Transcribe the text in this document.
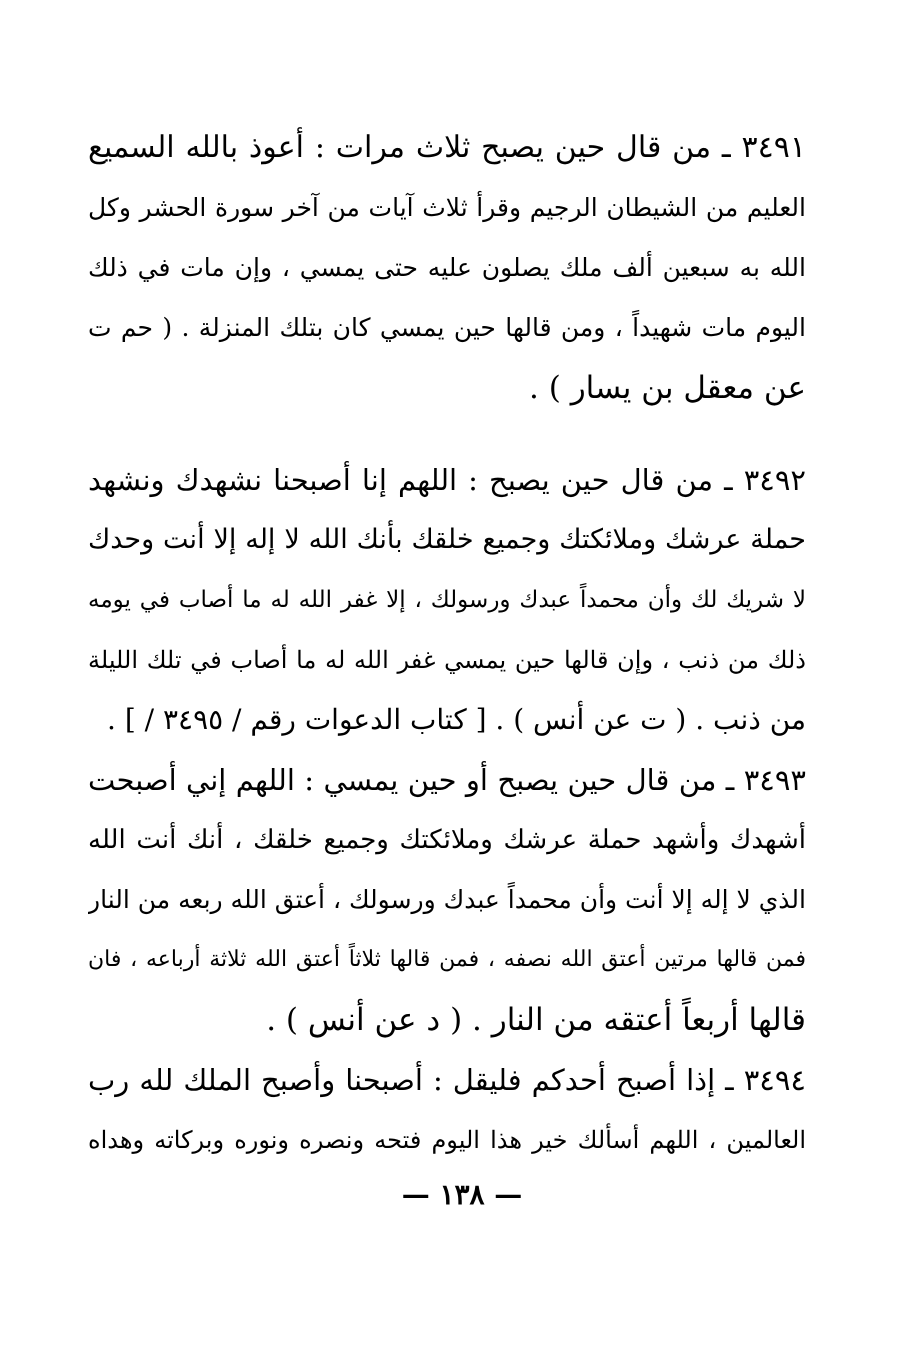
٣٤٩١ ـ من قال حين يصبح ثلاث مرات : أعوذ بالله السميع
العليم من الشيطان الرجيم وقرأ ثلاث آيات من آخر سورة الحشر وكل
الله به سبعين ألف ملك يصلون عليه حتى يمسي ، وإن مات في ذلك
اليوم مات شهيداً ، ومن قالها حين يمسي كان بتلك المنزلة . ( حم ت
عن معقل بن يسار ) .
٣٤٩٢ ـ من قال حين يصبح : اللهم إنا أصبحنا نشهدك ونشهد
حملة عرشك وملائكتك وجميع خلقك بأنك الله لا إله إلا أنت وحدك
لا شريك لك وأن محمداً عبدك ورسولك ، إلا غفر الله له ما أصاب في يومه
ذلك من ذنب ، وإن قالها حين يمسي غفر الله له ما أصاب في تلك الليلة
من ذنب . ( ت عن أنس ) . [ كتاب الدعوات رقم / ٣٤٩٥ / ] .
٣٤٩٣ ـ من قال حين يصبح أو حين يمسي : اللهم إني أصبحت
أشهدك وأشهد حملة عرشك وملائكتك وجميع خلقك ، أنك أنت الله
الذي لا إله إلا أنت وأن محمداً عبدك ورسولك ، أعتق الله ربعه من النار
فمن قالها مرتين أعتق الله نصفه ، فمن قالها ثلاثاً أعتق الله ثلاثة أرباعه ، فان
قالها أربعاً أعتقه من النار . ( د عن أنس ) .
٣٤٩٤ ـ إذا أصبح أحدكم فليقل : أصبحنا وأصبح الملك لله رب
العالمين ، اللهم أسألك خير هذا اليوم فتحه ونصره ونوره وبركاته وهداه
— ١٣٨ —
